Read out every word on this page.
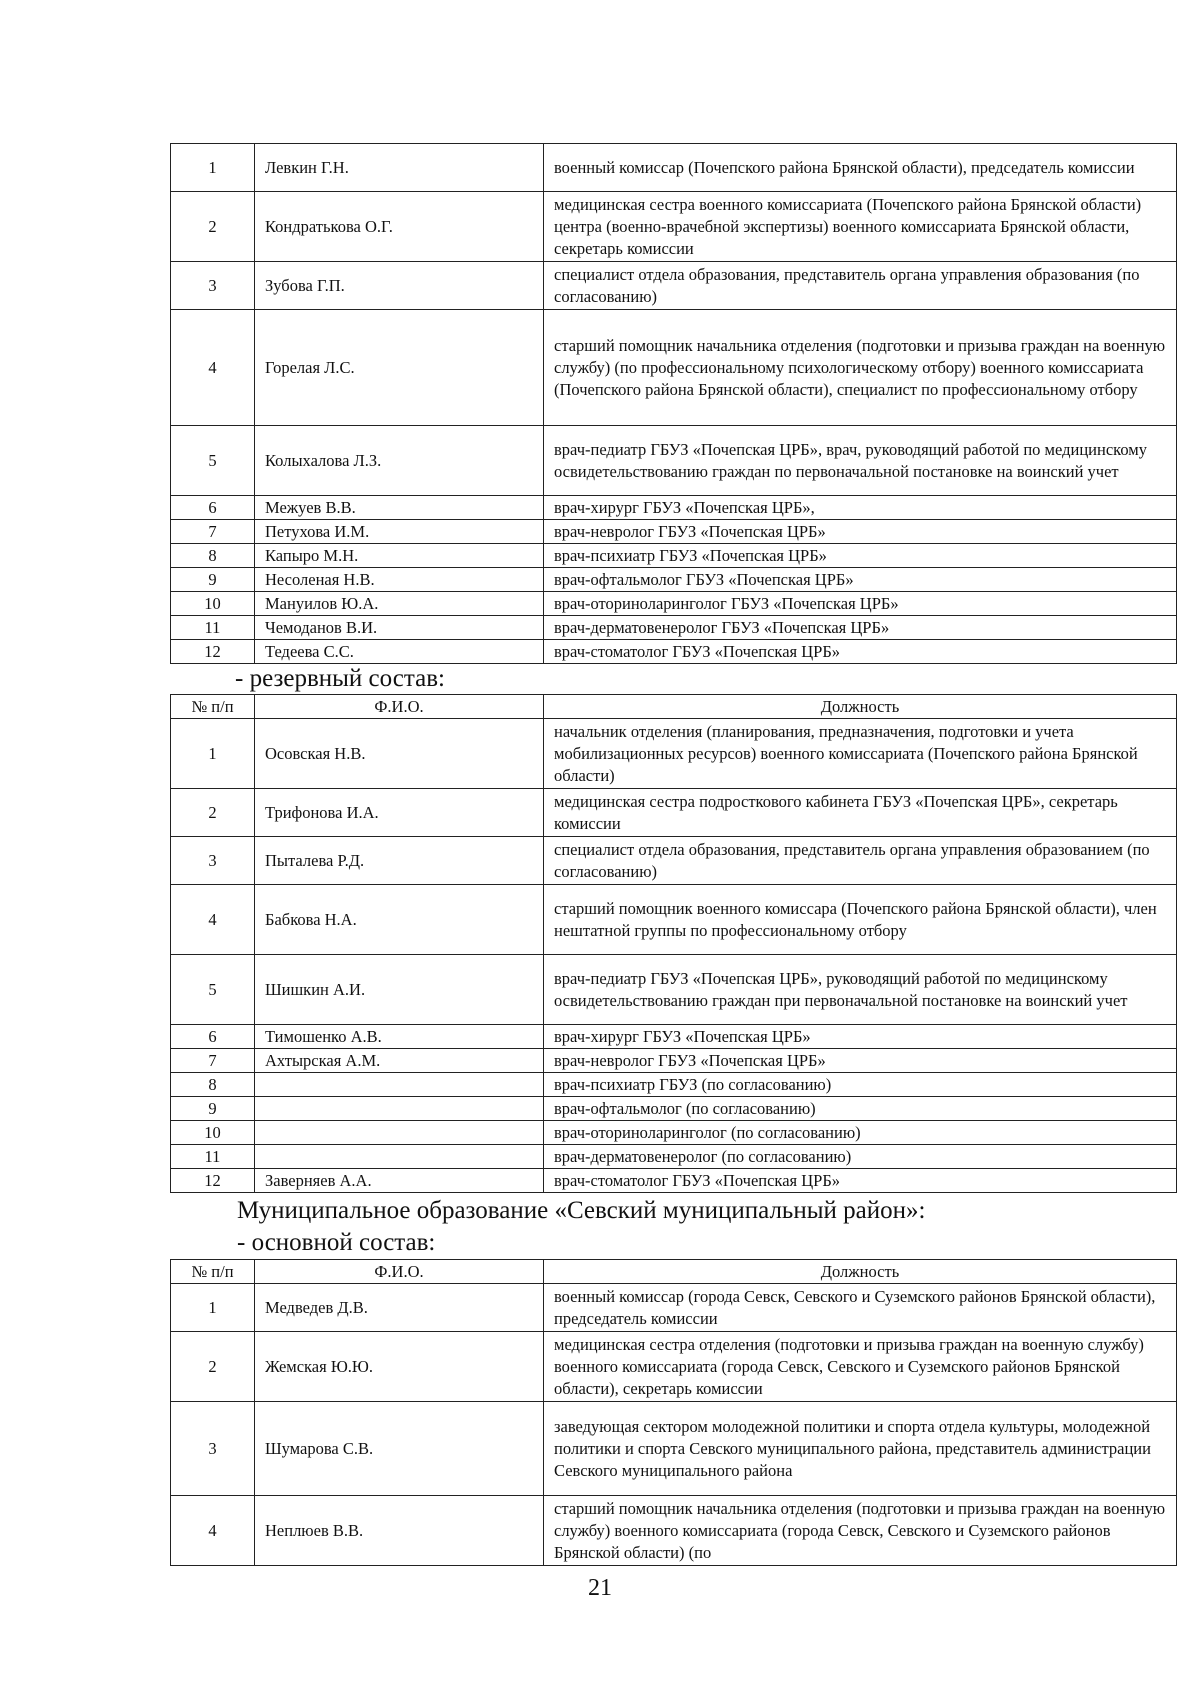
1	Левкин Г.Н.	военный комиссар (Почепского района Брянской области), председатель комиссии
2	Кондратькова О.Г.	медицинская сестра военного комиссариата (Почепского района Брянской области) центра (военно-врачебной экспертизы) военного комиссариата Брянской области, секретарь комиссии
3	Зубова Г.П.	специалист отдела образования, представитель органа управления образования (по согласованию)
4	Горелая Л.С.	старший помощник начальника отделения (подготовки и призыва граждан на военную службу) (по профессиональному психологическому отбору) военного комиссариата (Почепского района Брянской области), специалист по профессиональному отбору
5	Колыхалова Л.З.	врач-педиатр ГБУЗ «Почепская ЦРБ», врач, руководящий работой по медицинскому освидетельствованию граждан по первоначальной постановке на воинский учет
6	Межуев В.В.	врач-хирург ГБУЗ «Почепская ЦРБ»,
7	Петухова И.М.	врач-невролог ГБУЗ «Почепская ЦРБ»
8	Капыро М.Н.	врач-психиатр ГБУЗ «Почепская ЦРБ»
9	Несоленая Н.В.	врач-офтальмолог ГБУЗ «Почепская ЦРБ»
10	Мануилов Ю.А.	врач-оториноларинголог ГБУЗ «Почепская ЦРБ»
11	Чемоданов В.И.	врач-дерматовенеролог ГБУЗ «Почепская ЦРБ»
12	Тедеева С.С.	врач-стоматолог ГБУЗ «Почепская ЦРБ»
- резервный состав:
№ п/п	Ф.И.О.	Должность
1	Осовская Н.В.	начальник отделения (планирования, предназначения, подготовки и учета мобилизационных ресурсов) военного комиссариата (Почепского района Брянской области)
2	Трифонова И.А.	медицинская сестра подросткового кабинета ГБУЗ «Почепская ЦРБ», секретарь комиссии
3	Пыталева Р.Д.	специалист отдела образования, представитель органа управления образованием (по согласованию)
4	Бабкова Н.А.	старший помощник военного комиссара (Почепского района Брянской области), член нештатной группы по профессиональному отбору
5	Шишкин А.И.	врач-педиатр ГБУЗ «Почепская ЦРБ», руководящий работой по медицинскому освидетельствованию граждан при первоначальной постановке на воинский учет
6	Тимошенко А.В.	врач-хирург ГБУЗ «Почепская ЦРБ»
7	Ахтырская А.М.	врач-невролог ГБУЗ «Почепская ЦРБ»
8		врач-психиатр ГБУЗ (по согласованию)
9		врач-офтальмолог (по согласованию)
10		врач-оториноларинголог (по согласованию)
11		врач-дерматовенеролог (по согласованию)
12	Заверняев А.А.	врач-стоматолог ГБУЗ «Почепская ЦРБ»
Муниципальное образование «Севский муниципальный район»:
- основной состав:
№ п/п	Ф.И.О.	Должность
1	Медведев Д.В.	военный комиссар (города Севск, Севского и Суземского районов Брянской области), председатель комиссии
2	Жемская Ю.Ю.	медицинская сестра отделения (подготовки и призыва граждан на военную службу) военного комиссариата (города Севск, Севского и Суземского районов Брянской области), секретарь комиссии
3	Шумарова С.В.	заведующая сектором молодежной политики и спорта отдела культуры, молодежной политики и спорта Севского муниципального района, представитель администрации Севского муниципального района
4	Неплюев В.В.	старший помощник начальника отделения (подготовки и призыва граждан на военную службу) военного комиссариата (города Севск, Севского и Суземского районов Брянской области) (по
21
